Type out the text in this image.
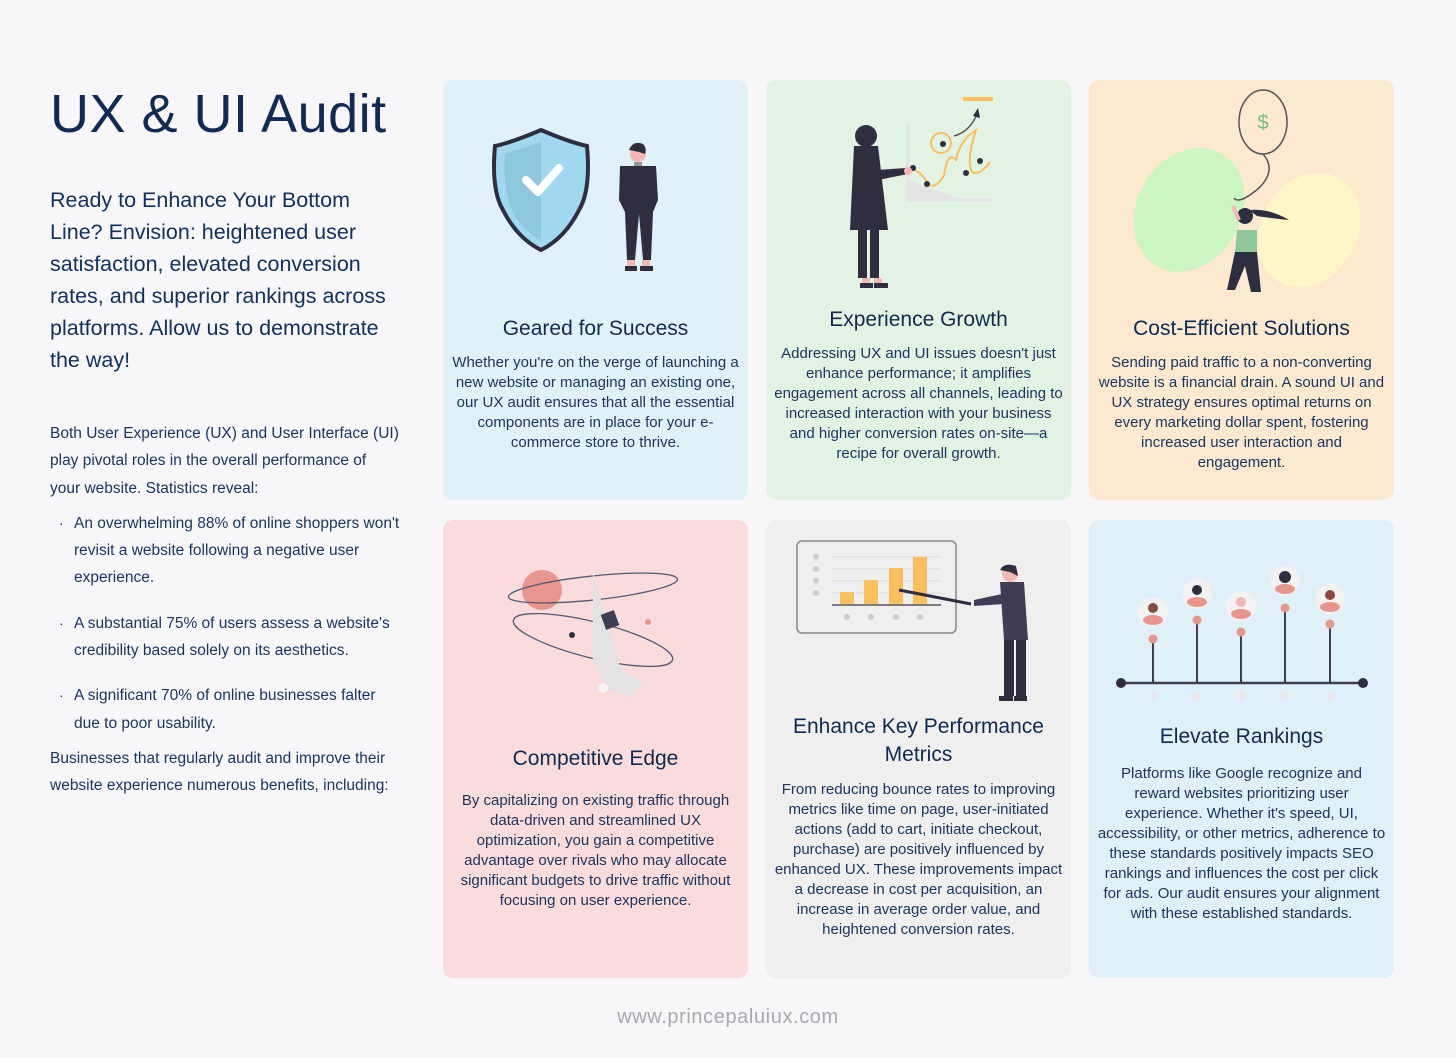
UX & UI Audit

Ready to Enhance Your Bottom Line? Envision: heightened user satisfaction, elevated conversion rates, and superior rankings across platforms. Allow us to demonstrate the way!

Both User Experience (UX) and User Interface (UI) play pivotal roles in the overall performance of your website. Statistics reveal:

· An overwhelming 88% of online shoppers won't revisit a website following a negative user experience.
· A substantial 75% of users assess a website's credibility based solely on its aesthetics.
· A significant 70% of online businesses falter due to poor usability.

Businesses that regularly audit and improve their website experience numerous benefits, including:

Geared for Success

Whether you're on the verge of launching a new website or managing an existing one, our UX audit ensures that all the essential components are in place for your e-commerce store to thrive.

Experience Growth

Addressing UX and UI issues doesn't just enhance performance; it amplifies engagement across all channels, leading to increased interaction with your business and higher conversion rates on-site—a recipe for overall growth.

$
Cost-Efficient Solutions

Sending paid traffic to a non-converting website is a financial drain. A sound UI and UX strategy ensures optimal returns on every marketing dollar spent, fostering increased user interaction and engagement.

Competitive Edge

By capitalizing on existing traffic through data-driven and streamlined UX optimization, you gain a competitive advantage over rivals who may allocate significant budgets to drive traffic without focusing on user experience.

Enhance Key Performance Metrics

From reducing bounce rates to improving metrics like time on page, user-initiated actions (add to cart, initiate checkout, purchase) are positively influenced by enhanced UX. These improvements impact a decrease in cost per acquisition, an increase in average order value, and heightened conversion rates.

Elevate Rankings

Platforms like Google recognize and reward websites prioritizing user experience. Whether it's speed, UI, accessibility, or other metrics, adherence to these standards positively impacts SEO rankings and influences the cost per click for ads. Our audit ensures your alignment with these established standards.

www.princepaluiux.com
